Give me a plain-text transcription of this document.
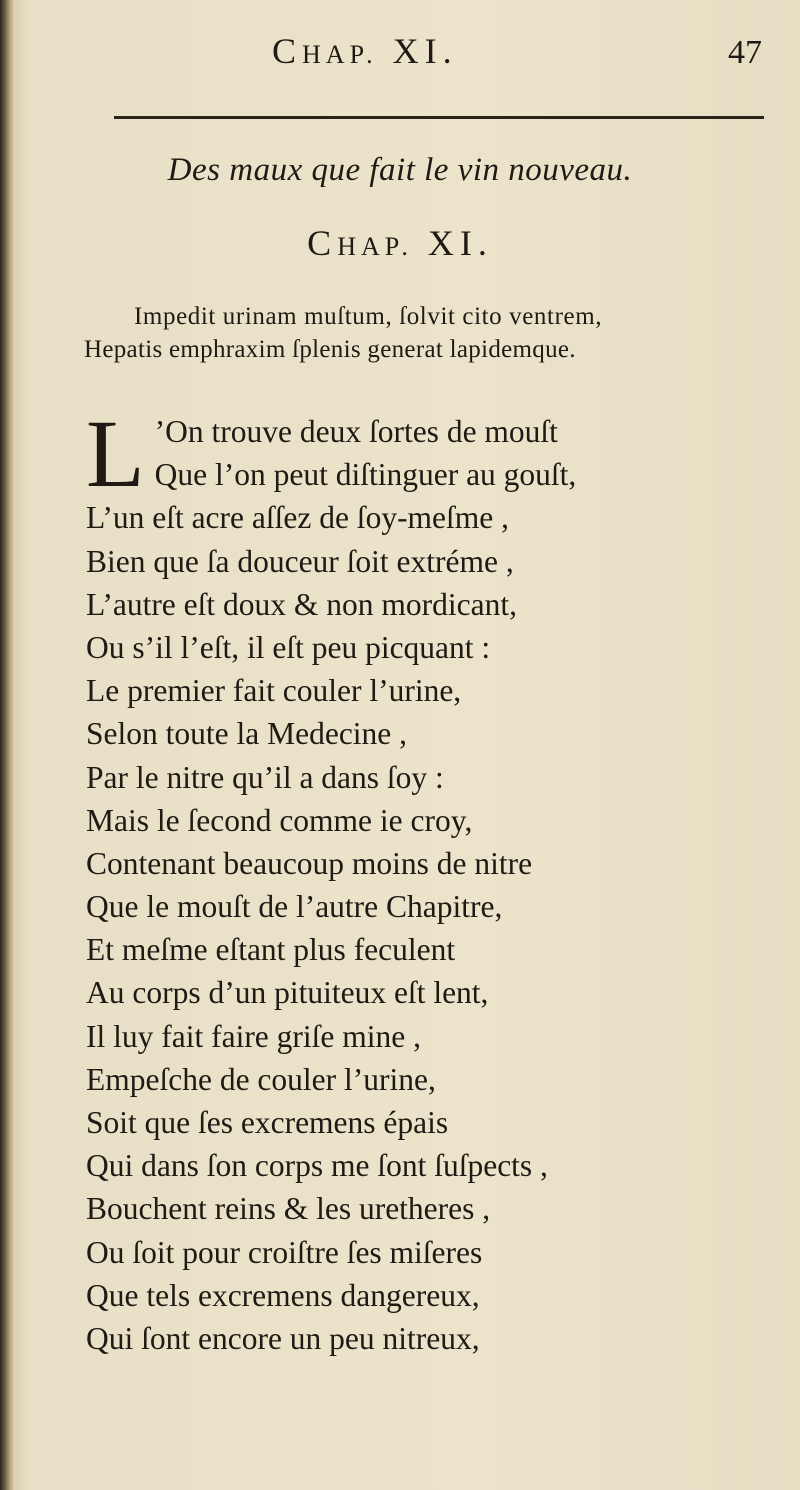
CHAP. XI.	47
Des maux que fait le vin nouveau.
CHAP. XI.
Impedit urinam muſtum, ſolvit cito ventrem,
Hepatis emphraxim ſplenis generat lapidemque.
L ’On trouve deux ſortes de mouſt
Que l’on peut diſtinguer au gouſt,
L’un eſt acre aſſez de ſoy-meſme ,
Bien que ſa douceur ſoit extréme ,
L’autre eſt doux & non mordicant,
Ou s’il l’eſt, il eſt peu picquant :
Le premier fait couler l’urine,
Selon toute la Medecine ,
Par le nitre qu’il a dans ſoy :
Mais le ſecond comme ie croy,
Contenant beaucoup moins de nitre
Que le mouſt de l’autre Chapitre,
Et meſme eſtant plus feculent
Au corps d’un pituiteux eſt lent,
Il luy fait faire griſe mine ,
Empeſche de couler l’urine,
Soit que ſes excremens épais
Qui dans ſon corps me ſont ſuſpects ,
Bouchent reins & les uretheres ,
Ou ſoit pour croiſtre ſes miſeres
Que tels excremens dangereux,
Qui ſont encore un peu nitreux,
